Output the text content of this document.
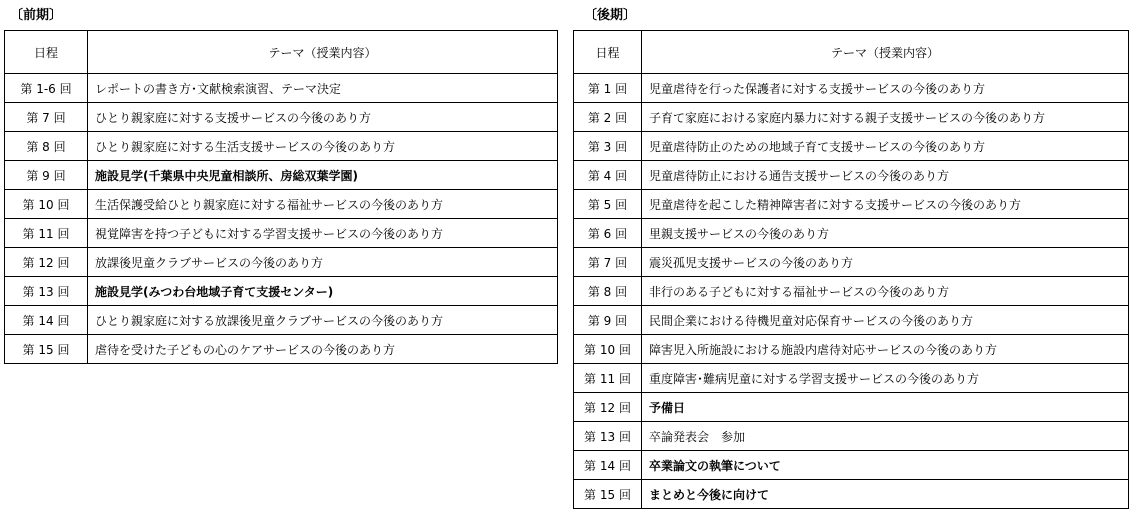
〔前期〕
日程	テーマ（授業内容）
第 1-6 回	レポートの書き方･文献検索演習、テーマ決定
第 7 回	ひとり親家庭に対する支援サービスの今後のあり方
第 8 回	ひとり親家庭に対する生活支援サービスの今後のあり方
第 9 回	施設見学(千葉県中央児童相談所、房総双葉学園)
第 10 回	生活保護受給ひとり親家庭に対する福祉サービスの今後のあり方
第 11 回	視覚障害を持つ子どもに対する学習支援サービスの今後のあり方
第 12 回	放課後児童クラブサービスの今後のあり方
第 13 回	施設見学(みつわ台地域子育て支援センター)
第 14 回	ひとり親家庭に対する放課後児童クラブサービスの今後のあり方
第 15 回	虐待を受けた子どもの心のケアサービスの今後のあり方
〔後期〕
日程	テーマ（授業内容）
第 1 回	児童虐待を行った保護者に対する支援サービスの今後のあり方
第 2 回	子育て家庭における家庭内暴力に対する親子支援サービスの今後のあり方
第 3 回	児童虐待防止のための地域子育て支援サービスの今後のあり方
第 4 回	児童虐待防止における通告支援サービスの今後のあり方
第 5 回	児童虐待を起こした精神障害者に対する支援サービスの今後のあり方
第 6 回	里親支援サービスの今後のあり方
第 7 回	震災孤児支援サービスの今後のあり方
第 8 回	非行のある子どもに対する福祉サービスの今後のあり方
第 9 回	民間企業における待機児童対応保育サービスの今後のあり方
第 10 回	障害児入所施設における施設内虐待対応サービスの今後のあり方
第 11 回	重度障害･難病児童に対する学習支援サービスの今後のあり方
第 12 回	予備日
第 13 回	卒論発表会　参加
第 14 回	卒業論文の執筆について
第 15 回	まとめと今後に向けて
